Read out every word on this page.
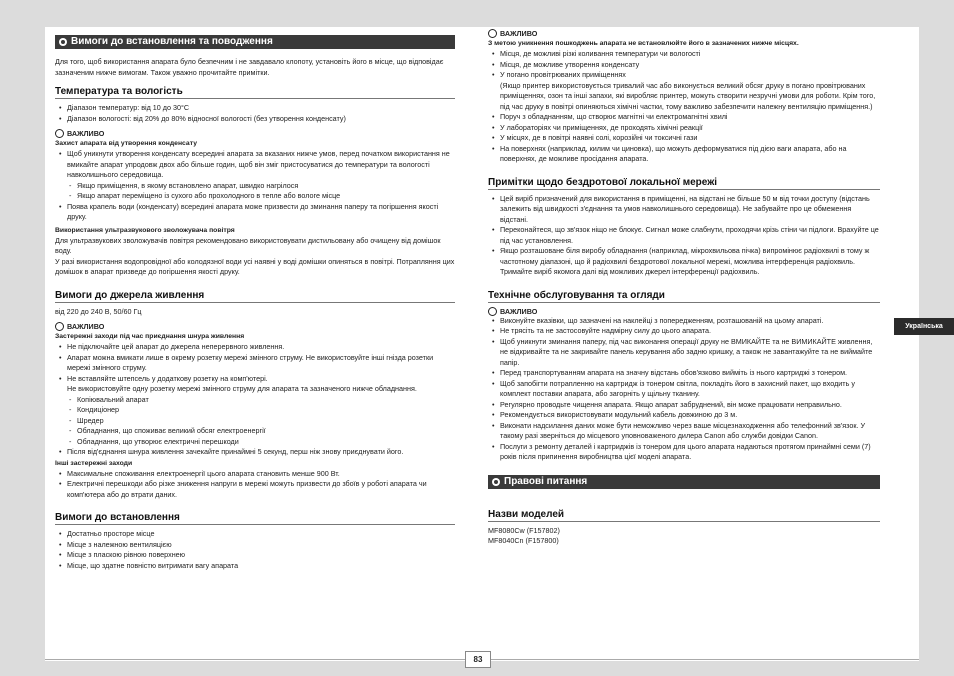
Вимоги до встановлення та поводження

Для того, щоб використання апарата було безпечним і не завдавало клопоту, установіть його в місце, що відповідає зазначеним нижче вимогам. Також уважно прочитайте примітки.

Температура та вологість
• Діапазон температур: від 10 до 30°C
• Діапазон вологості: від 20% до 80% відносної вологості (без утворення конденсату)
ВАЖЛИВО
Захист апарата від утворення конденсату
• Щоб уникнути утворення конденсату всередині апарата за вказаних нижче умов, перед початком використання не вмикайте апарат упродовж двох або більше годин, щоб він зміг пристосуватися до температури та вологості навколишнього середовища.
- Якщо приміщення, в якому встановлено апарат, швидко нагрілося
- Якщо апарат переміщено із сухого або прохолодного в тепле або вологе місце
• Поява крапель води (конденсату) всередині апарата може призвести до зминання паперу та погіршення якості друку.
Використання ультразвукового зволожувача повітря

Для ультразвукових зволожувачів повітря рекомендовано використовувати дистильовану або очищену від домішок воду.

У разі використання водопровідної або колодязної води усі наявні у воді домішки опиняться в повітрі. Потрапляння цих домішок в апарат призведе до погіршення якості друку.

Вимоги до джерела живлення

від 220 до 240 В, 50/60 Гц

ВАЖЛИВО
Застережні заходи під час приєднання шнура живлення
• Не підключайте цей апарат до джерела неперервного живлення.
• Апарат можна вмикати лише в окрему розетку мережі змінного струму. Не використовуйте інші гнізда розетки мережі змінного струму.
• Не вставляйте штепсель у додаткову розетку на комп'ютері.
Не використовуйте одну розетку мережі змінного струму для апарата та зазначеного нижче обладнання.
- Копіювальний апарат
- Кондиціонер
- Шредер
- Обладнання, що споживає великий обсяг електроенергії
- Обладнання, що утворює електричні перешкоди
• Після від'єднання шнура живлення зачекайте принаймні 5 секунд, перш ніж знову приєднувати його.
Інші застережні заходи
• Максимальне споживання електроенергії цього апарата становить менше 900 Вт.
• Електричні перешкоди або різке зниження напруги в мережі можуть призвести до збоїв у роботі апарата чи комп'ютера або до втрати даних.
Вимоги до встановлення
• Достатньо просторе місце
• Місце з належною вентиляцією
• Місце з пласкою рівною поверхнею
• Місце, що здатне повністю витримати вагу апарата
ВАЖЛИВО
З метою уникнення пошкоджень апарата не встановлюйте його в зазначених нижче місцях.
• Місця, де можливі різкі коливання температури чи вологості
• Місця, де можливе утворення конденсату
• У погано провітрюваних приміщеннях
(Якщо принтер використовується тривалий час або виконується великий обсяг друку в погано провітрюваних приміщеннях, озон та інші запахи, які виробляє принтер, можуть створити незручні умови для роботи. Крім того, під час друку в повітрі опиняються хімічні частки, тому важливо забезпечити належну вентиляцію приміщення.)
• Поруч з обладнанням, що створює магнітні чи електромагнітні хвилі
• У лабораторіях чи приміщеннях, де проходять хімічні реакції
• У місцях, де в повітрі наявні солі, корозійні чи токсичні гази
• На поверхнях (наприклад, килим чи циновка), що можуть деформуватися під дією ваги апарата, або на поверхнях, де можливе просідання апарата.
Примітки щодо бездротової локальної мережі
• Цей виріб призначений для використання в приміщенні, на відстані не більше 50 м від точки доступу (відстань залежить від швидкості з'єднання та умов навколишнього середовища). Не забувайте про це обмеження відстані.
• Переконайтеся, що зв'язок ніщо не блокує. Сигнал може слабнути, проходячи крізь стіни чи підлоги. Врахуйте це під час установлення.
• Якщо розташоване біля виробу обладнання (наприклад, мікрохвильова пічка) випромінює радіохвилі в тому ж частотному діапазоні, що й радіохвилі бездротової локальної мережі, можлива інтерференція радіохвиль. Тримайте виріб якомога далі від можливих джерел інтерференції радіохвиль.
Технічне обслуговування та огляди
ВАЖЛИВО
• Виконуйте вказівки, що зазначені на наклейці з попередженням, розташованій на цьому апараті.
• Не трясіть та не застосовуйте надмірну силу до цього апарата.
• Щоб уникнути зминання паперу, під час виконання операції друку не ВМИКАЙТЕ та не ВИМИКАЙТЕ живлення, не відкривайте та не закривайте панель керування або задню кришку, а також не завантажуйте та не виймайте папір.
• Перед транспортуванням апарата на значну відстань обов'язково вийміть із нього картриджі з тонером.
• Щоб запобігти потрапленню на картридж із тонером світла, покладіть його в захисний пакет, що входить у комплект поставки апарата, або загорніть у щільну тканину.
• Регулярно проводьте чищення апарата. Якщо апарат забруднений, він може працювати неправильно.
• Рекомендується використовувати модульний кабель довжиною до 3 м.
• Виконати надсилання даних може бути неможливо через ваше місцезнаходження або телефонний зв'язок. У такому разі зверніться до місцевого уповноваженого дилера Canon або служби довідки Canon.
• Послуги з ремонту деталей і картриджів із тонером для цього апарата надаються протягом принаймні семи (7) років після припинення виробництва цієї моделі апарата.
Правові питання
Назви моделей

MF8080Cw (F157802)

MF8040Cn (F157800)

Українська
83
